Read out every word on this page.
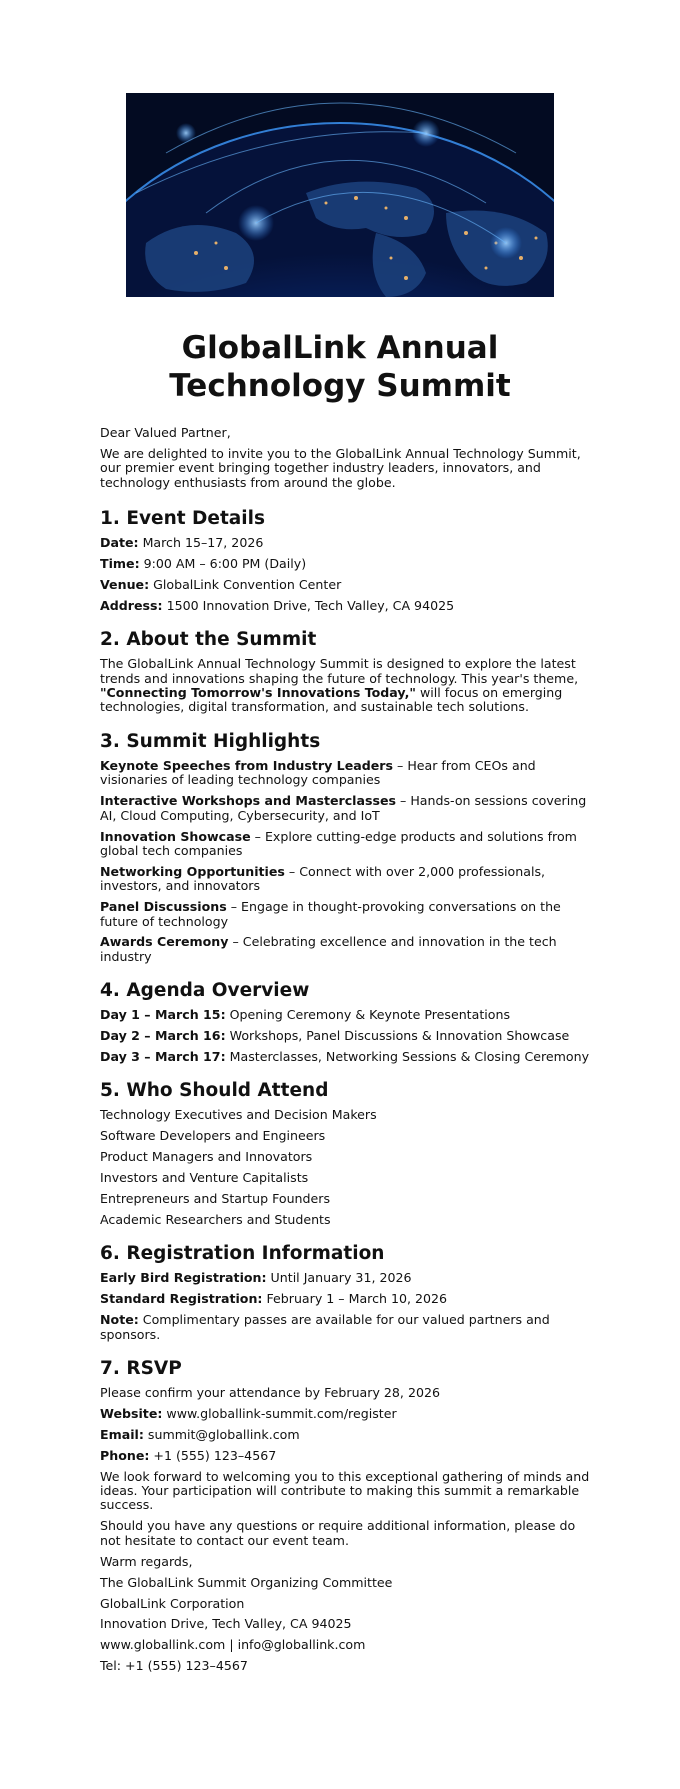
GlobalLink Annual
Technology Summit

Dear Valued Partner,

We are delighted to invite you to the GlobalLink Annual Technology Summit, our premier event bringing together industry leaders, innovators, and technology enthusiasts from around the globe.

1. Event Details

Date: March 15–17, 2026

Time: 9:00 AM – 6:00 PM (Daily)

Venue: GlobalLink Convention Center

Address: 1500 Innovation Drive, Tech Valley, CA 94025

2. About the Summit

The GlobalLink Annual Technology Summit is designed to explore the latest trends and innovations shaping the future of technology. This year's theme, "Connecting Tomorrow's Innovations Today," will focus on emerging technologies, digital transformation, and sustainable tech solutions.

3. Summit Highlights

Keynote Speeches from Industry Leaders – Hear from CEOs and visionaries of leading technology companies

Interactive Workshops and Masterclasses – Hands-on sessions covering AI, Cloud Computing, Cybersecurity, and IoT

Innovation Showcase – Explore cutting-edge products and solutions from global tech companies

Networking Opportunities – Connect with over 2,000 professionals, investors, and innovators

Panel Discussions – Engage in thought-provoking conversations on the future of technology

Awards Ceremony – Celebrating excellence and innovation in the tech industry

4. Agenda Overview

Day 1 – March 15: Opening Ceremony & Keynote Presentations

Day 2 – March 16: Workshops, Panel Discussions & Innovation Showcase

Day 3 – March 17: Masterclasses, Networking Sessions & Closing Ceremony

5. Who Should Attend

Technology Executives and Decision Makers

Software Developers and Engineers

Product Managers and Innovators

Investors and Venture Capitalists

Entrepreneurs and Startup Founders

Academic Researchers and Students

6. Registration Information

Early Bird Registration: Until January 31, 2026

Standard Registration: February 1 – March 10, 2026

Note: Complimentary passes are available for our valued partners and sponsors.

7. RSVP

Please confirm your attendance by February 28, 2026

Website: www.globallink-summit.com/register

Email: summit@globallink.com

Phone: +1 (555) 123–4567

We look forward to welcoming you to this exceptional gathering of minds and ideas. Your participation will contribute to making this summit a remarkable success.

Should you have any questions or require additional information, please do not hesitate to contact our event team.

Warm regards,

The GlobalLink Summit Organizing Committee

GlobalLink Corporation

Innovation Drive, Tech Valley, CA 94025

www.globallink.com | info@globallink.com

Tel: +1 (555) 123–4567
